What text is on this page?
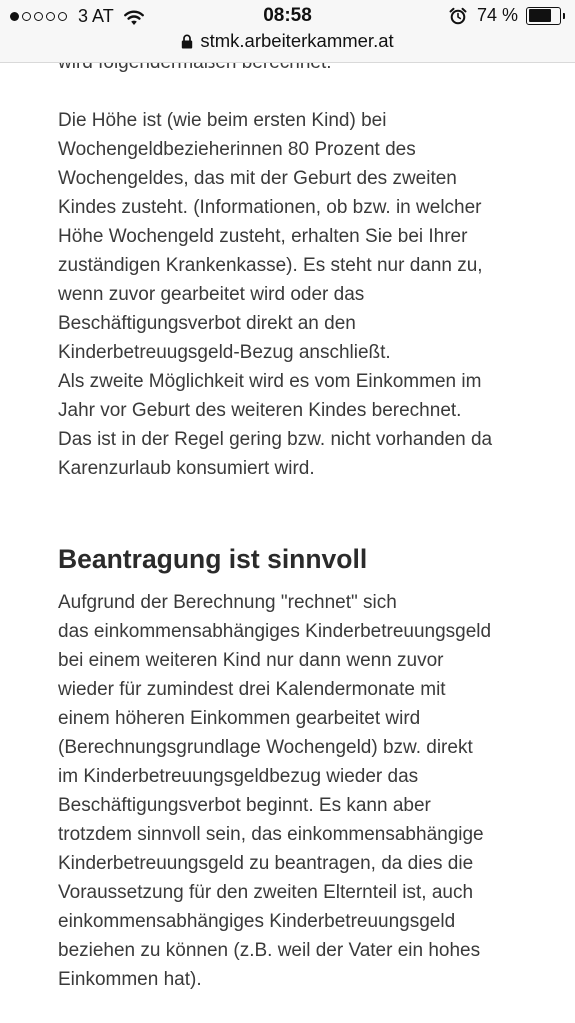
Die Höhe ist (wie beim ersten Kind) bei
Wochengeldbezieherinnen 80 Prozent des
Wochengeldes, das mit der Geburt des zweiten
Kindes zusteht. (Informationen, ob bzw. in welcher
Höhe Wochengeld zusteht, erhalten Sie bei Ihrer
zuständigen Krankenkasse). Es steht nur dann zu,
wenn zuvor gearbeitet wird oder das
Beschäftigungsverbot direkt an den
Kinderbetreuugsgeld-Bezug anschließt.
Als zweite Möglichkeit wird es vom Einkommen im
Jahr vor Geburt des weiteren Kindes berechnet.
Das ist in der Regel gering bzw. nicht vorhanden da
Karenzurlaub konsumiert wird.
Beantragung ist sinnvoll
Aufgrund der Berechnung "rechnet" sich
das einkommensabhängiges Kinderbetreuungsgeld
bei einem weiteren Kind nur dann wenn zuvor
wieder für zumindest drei Kalendermonate mit
einem höheren Einkommen gearbeitet wird
(Berechnungsgrundlage Wochengeld) bzw. direkt
im Kinderbetreuungsgeldbezug wieder das
Beschäftigungsverbot beginnt. Es kann aber
trotzdem sinnvoll sein, das einkommensabhängige
Kinderbetreuungsgeld zu beantragen, da dies die
Voraussetzung für den zweiten Elternteil ist, auch
einkommensabhängiges Kinderbetreuungsgeld
beziehen zu können (z.B. weil der Vater ein hohes
Einkommen hat).
3 AT	08:58	74 %
stmk.arbeiterkammer.at
